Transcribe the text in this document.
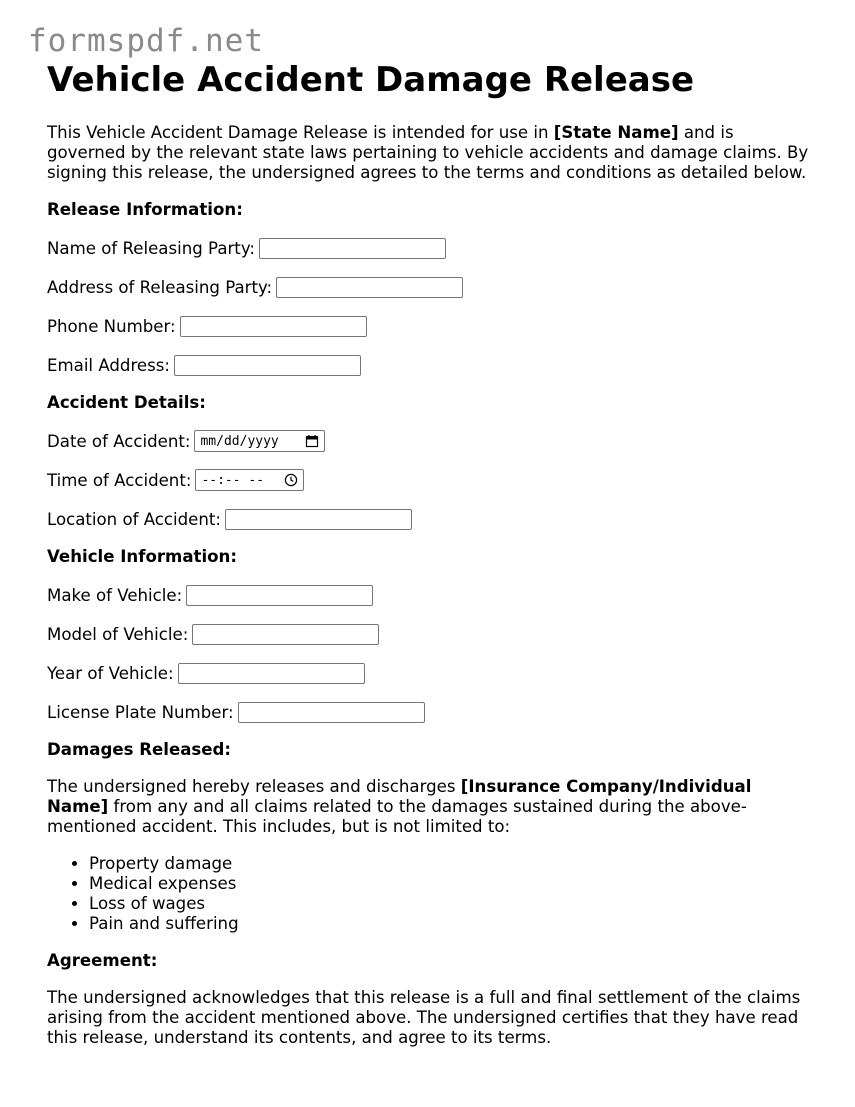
formspdf.net
Vehicle Accident Damage Release

This Vehicle Accident Damage Release is intended for use in [State Name] and is governed by the relevant state laws pertaining to vehicle accidents and damage claims. By signing this release, the undersigned agrees to the terms and conditions as detailed below.

Release Information:
Name of Releasing Party:
Address of Releasing Party:
Phone Number:
Email Address:
Accident Details:
Date of Accident: mm/dd/yyyy
Time of Accident: --:-- --
Location of Accident:
Vehicle Information:
Make of Vehicle:
Model of Vehicle:
Year of Vehicle:
License Plate Number:
Damages Released:

The undersigned hereby releases and discharges [Insurance Company/Individual Name] from any and all claims related to the damages sustained during the above-mentioned accident. This includes, but is not limited to:

• Property damage
• Medical expenses
• Loss of wages
• Pain and suffering
Agreement:

The undersigned acknowledges that this release is a full and final settlement of the claims arising from the accident mentioned above. The undersigned certifies that they have read this release, understand its contents, and agree to its terms.
